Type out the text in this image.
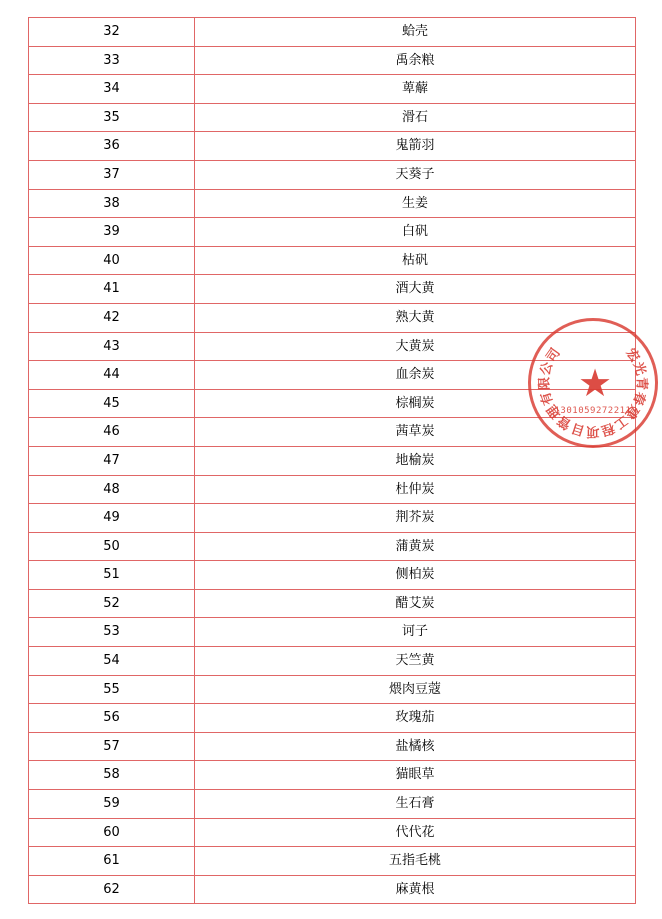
32	蛤壳
33	禹余粮
34	萆薢
35	滑石
36	鬼箭羽
37	天葵子
38	生姜
39	白矾
40	枯矾
41	酒大黄
42	熟大黄
43	大黄炭
44	血余炭
45	棕榈炭
46	茜草炭
47	地榆炭
48	杜仲炭
49	荆芥炭
50	蒲黄炭
51	侧柏炭
52	醋艾炭
53	诃子
54	天竺黄
55	煨肉豆蔻
56	玫瑰茄
57	盐橘核
58	猫眼草
59	生石膏
60	代代花
61	五指毛桃
62	麻黄根
★
宏
光
青
春
建
工
程
项
目
管
理
有
限
公
司
1301059272211
